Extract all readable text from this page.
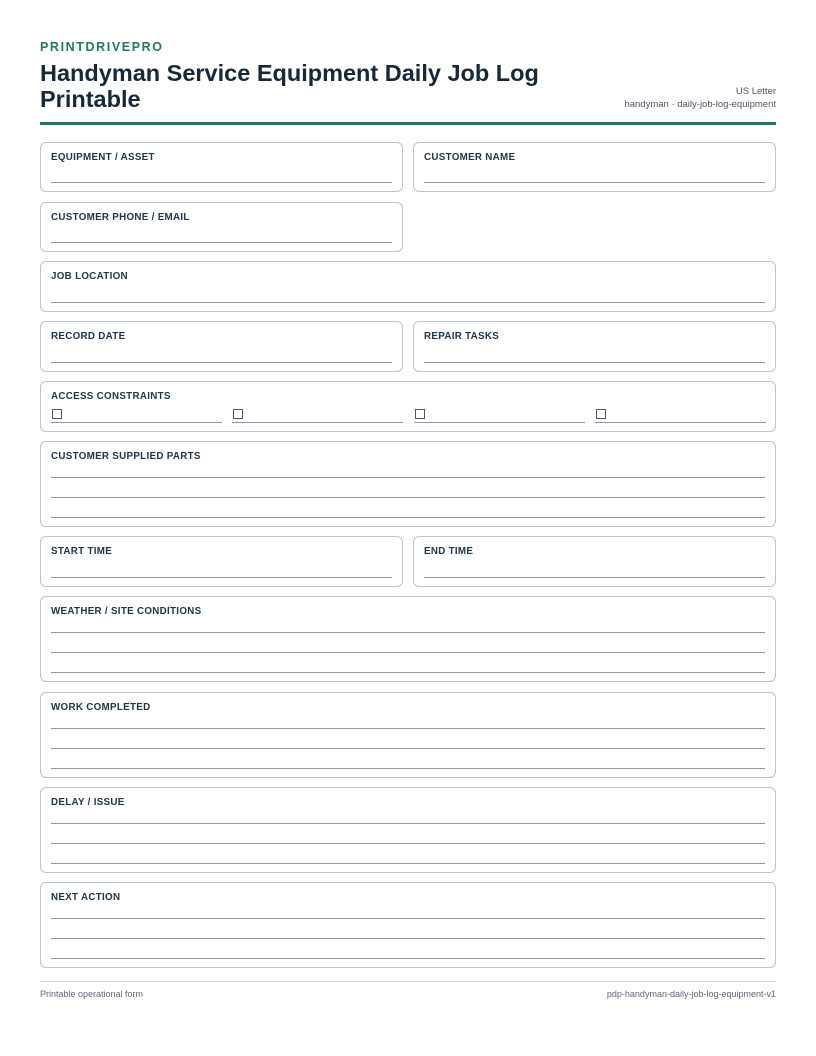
PRINTDRIVEPRO
Handyman Service Equipment Daily Job Log Printable	US Letter
handyman · daily-job-log-equipment
EQUIPMENT / ASSET	CUSTOMER NAME
CUSTOMER PHONE / EMAIL
JOB LOCATION
RECORD DATE	REPAIR TASKS
ACCESS CONSTRAINTS
CUSTOMER SUPPLIED PARTS
START TIME	END TIME
WEATHER / SITE CONDITIONS
WORK COMPLETED
DELAY / ISSUE
NEXT ACTION
Printable operational form	pdp-handyman-daily-job-log-equipment-v1
